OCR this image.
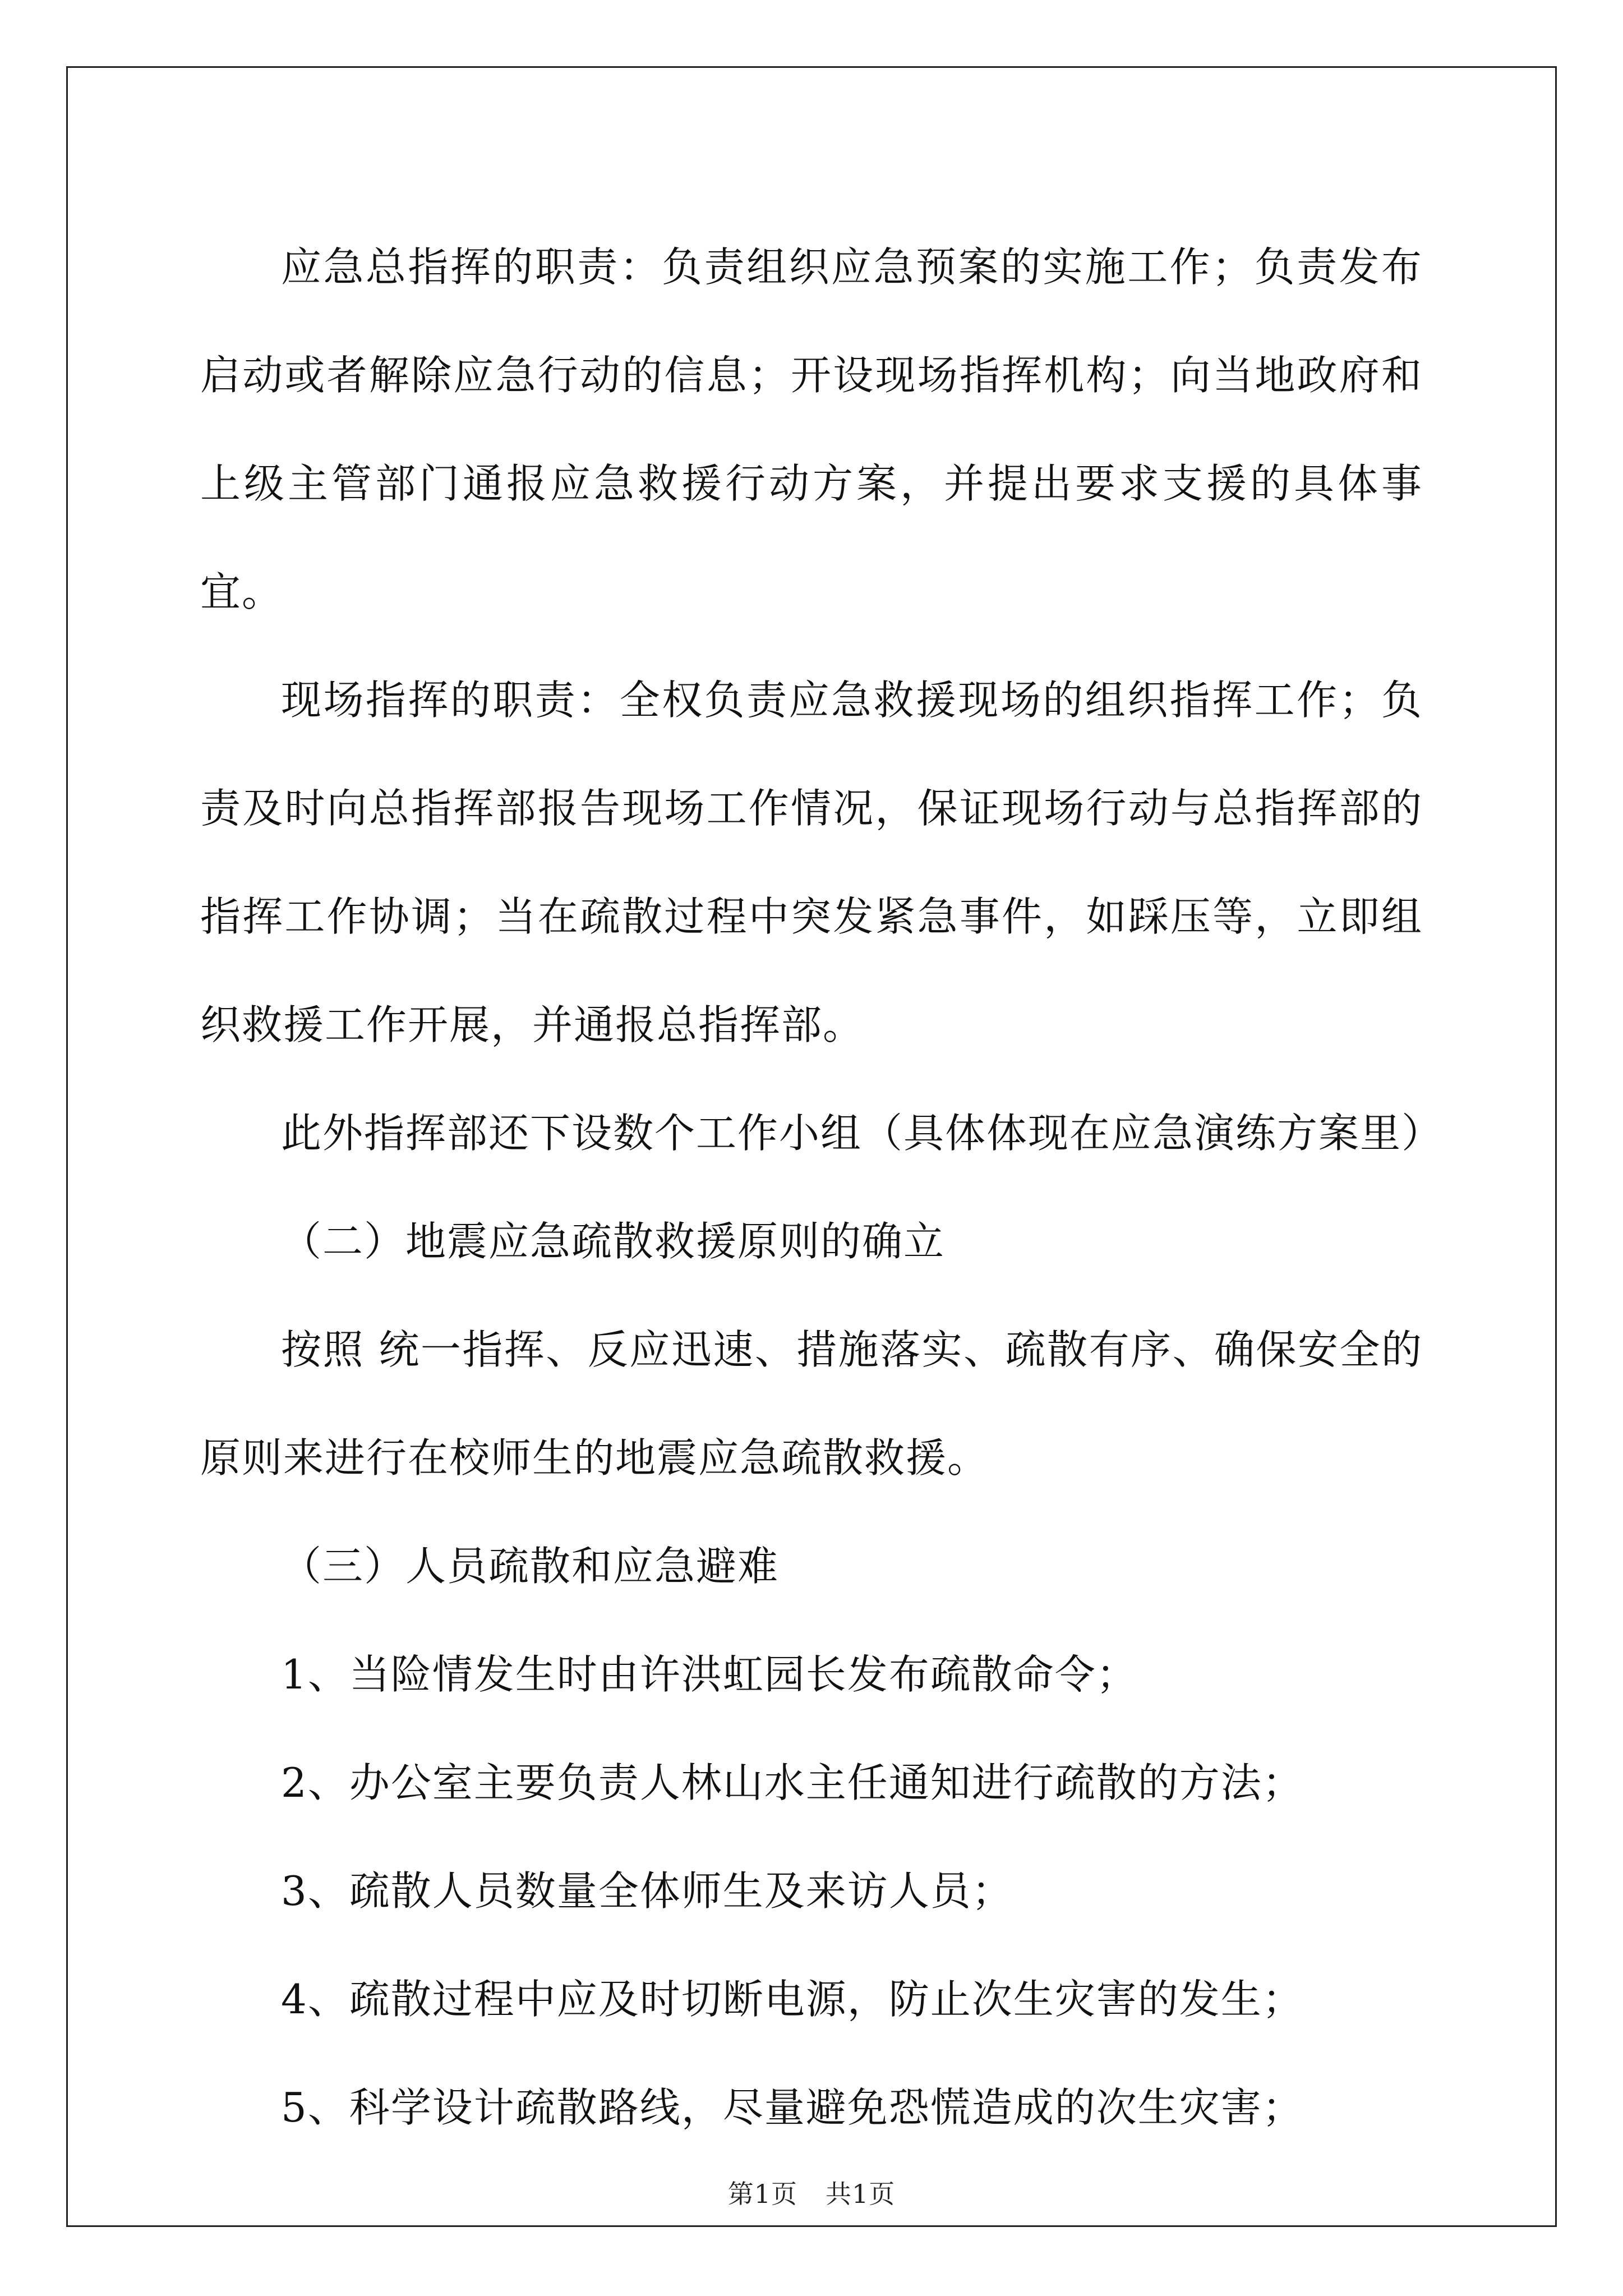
应急总指挥的职责：负责组织应急预案的实施工作；负责发布启动或者解除应急行动的信息；开设现场指挥机构；向当地政府和上级主管部门通报应急救援行动方案，并提出要求支援的具体事宜。

现场指挥的职责：全权负责应急救援现场的组织指挥工作；负责及时向总指挥部报告现场工作情况，保证现场行动与总指挥部的指挥工作协调；当在疏散过程中突发紧急事件，如踩压等，立即组织救援工作开展，并通报总指挥部。

此外指挥部还下设数个工作小组（具体体现在应急演练方案里）

（二）地震应急疏散救援原则的确立

按照 统一指挥、反应迅速、措施落实、疏散有序、确保安全的原则来进行在校师生的地震应急疏散救援。

（三）人员疏散和应急避难

1、当险情发生时由许洪虹园长发布疏散命令；

2、办公室主要负责人林山水主任通知进行疏散的方法；

3、疏散人员数量全体师生及来访人员；

4、疏散过程中应及时切断电源，防止次生灾害的发生；

5、科学设计疏散路线，尽量避免恐慌造成的次生灾害；

第1页 共1页
